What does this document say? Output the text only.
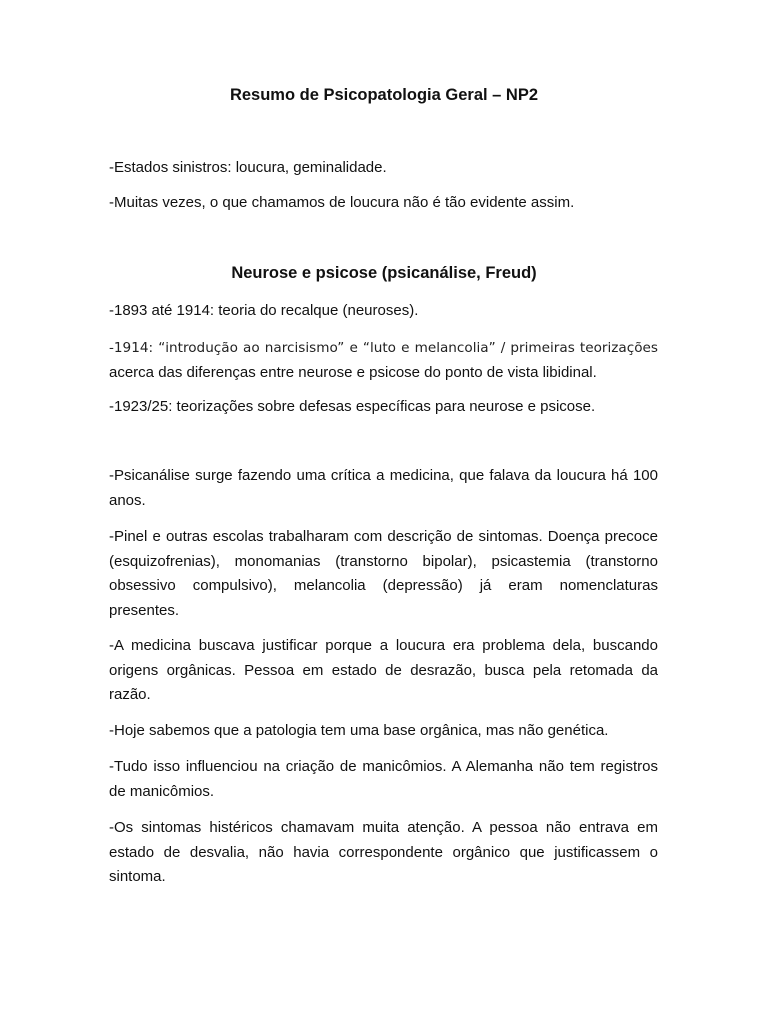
Resumo de Psicopatologia Geral – NP2

-Estados sinistros: loucura, geminalidade.

-Muitas vezes, o que chamamos de loucura não é tão evidente assim.

Neurose e psicose (psicanálise, Freud)

-1893 até 1914: teoria do recalque (neuroses).

-1914: “introdução ao narcisismo” e “luto e melancolia” / primeiras teorizações
acerca das diferenças entre neurose e psicose do ponto de vista libidinal.

-1923/25: teorizações sobre defesas específicas para neurose e psicose.

-Psicanálise surge fazendo uma crítica a medicina, que falava da loucura há 100
anos.

-Pinel e outras escolas trabalharam com descrição de sintomas. Doença precoce
(esquizofrenias), monomanias (transtorno bipolar), psicastemia (transtorno
obsessivo compulsivo), melancolia (depressão) já eram nomenclaturas
presentes.

-A medicina buscava justificar porque a loucura era problema dela, buscando
origens orgânicas. Pessoa em estado de desrazão, busca pela retomada da
razão.

-Hoje sabemos que a patologia tem uma base orgânica, mas não genética.

-Tudo isso influenciou na criação de manicômios. A Alemanha não tem registros
de manicômios.

-Os sintomas histéricos chamavam muita atenção. A pessoa não entrava em
estado de desvalia, não havia correspondente orgânico que justificassem o
sintoma.
